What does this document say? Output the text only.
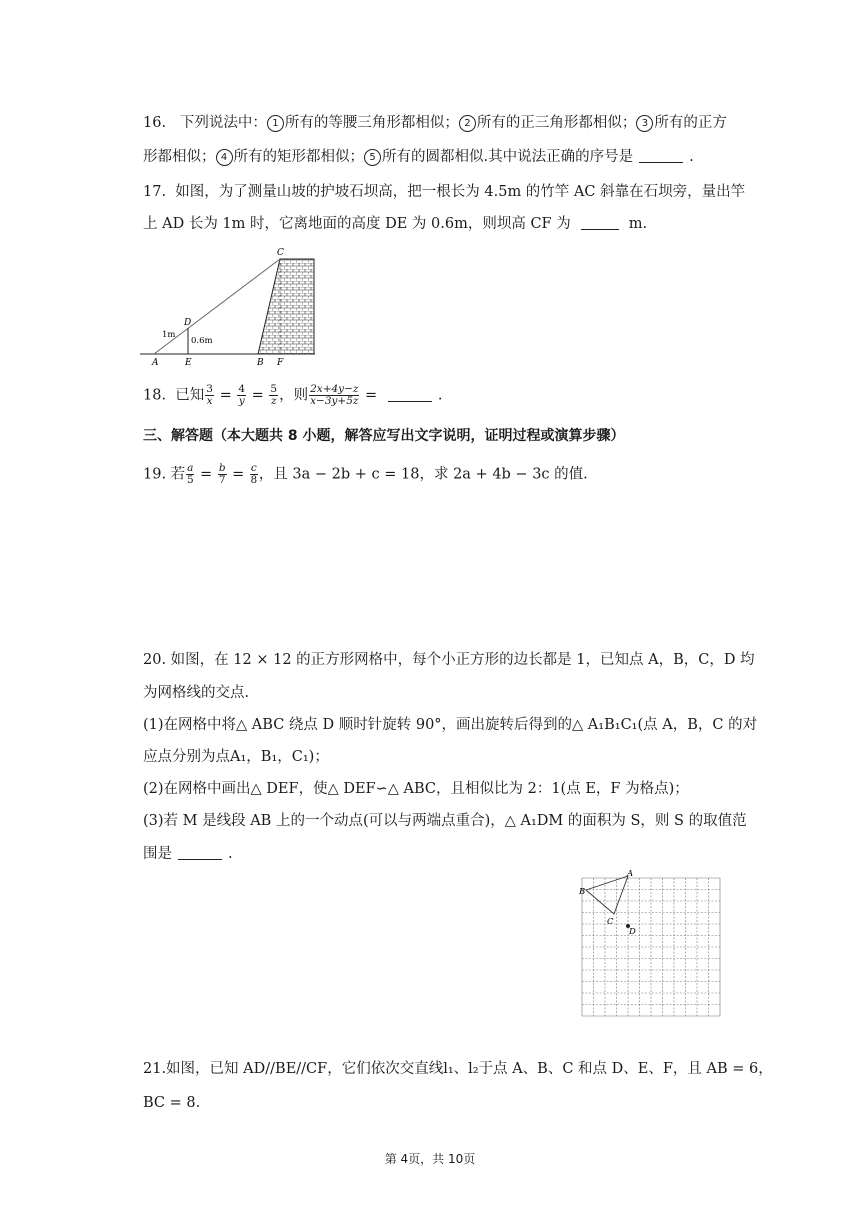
16. 下列说法中： 1 所有的等腰三角形都相似； 2 所有的正三角形都相似； 3 所有的正方
形都相似； 4 所有的矩形都相似； 5 所有的圆都相似.其中说法正确的序号是	.
17. 如图，为了测量山坡的护坡石坝高，把一根长为 4.5m 的竹竿 AC 斜靠在石坝旁，量出竿
上 AD 长为 1m 时，它离地面的高度 DE 为 0.6m，则坝高 CF 为	m.
C
D
A	E	B F
1m
0.6m
18. 已知 $\frac{3}{x} = \frac{4}{y} = \frac{5}{z}$ ，则 $\frac{2x+4y-z}{x-3y+5z}$ =	.
三、解答题（本大题共 8 小题，解答应写出文字说明，证明过程或演算步骤）
19. 若 $\frac{a}{5} = \frac{b}{7} = \frac{c}{8}$ ，且 3a − 2b + c = 18，求 2a + 4b − 3c 的值.
20. 如图，在 12 × 12 的正方形网格中，每个小正方形的边长都是 1，已知点 A，B，C，D 均
为网格线的交点.
(1)在网格中将△ ABC 绕点 D 顺时针旋转 90°，画出旋转后得到的△ A₁B₁C₁(点 A，B，C 的对
应点分别为点A₁，B₁，C₁)；
(2)在网格中画出△ DEF，使△ DEF∽△ ABC，且相似比为 2：1(点 E，F 为格点)；
(3)若 M 是线段 AB 上的一个动点(可以与两端点重合)，△ A₁DM 的面积为 S，则 S 的取值范
围是	.
A
B
C
D
21.如图，已知 AD//BE//CF，它们依次交直线l₁、l₂于点 A、B、C 和点 D、E、F，且 AB = 6，
BC = 8.
第 4页，共 10页
